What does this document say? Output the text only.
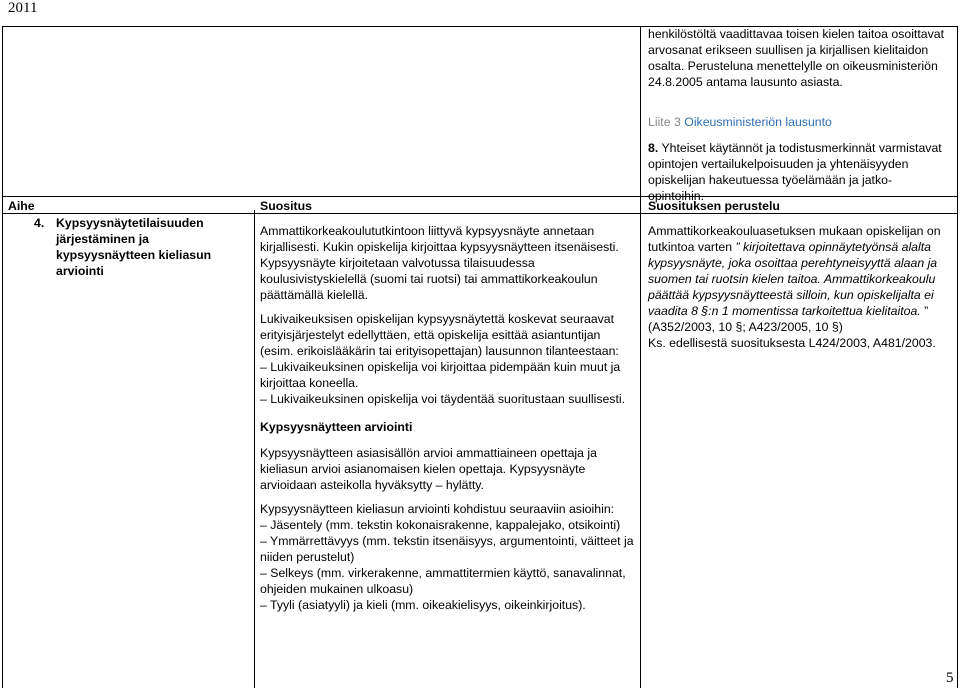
2011
henkilöstöltä vaadittavaa toisen kielen taitoa osoittavat arvosanat erikseen suullisen ja kirjallisen kielitaidon osalta. Perusteluna menettelylle on oikeusministeriön 24.8.2005 antama lausunto asiasta.
Liite 3 Oikeusministeriön lausunto
8. Yhteiset käytännöt ja todistusmerkinnät varmistavat opintojen vertailukelpoisuuden ja yhtenäisyyden opiskelijan hakeutuessa työelämään ja jatko-opintoihin.
Aihe	Suositus	Suosituksen perustelu
4. Kypsyysnäytetilaisuuden järjestäminen ja kypsyysnäytteen kieliasun arviointi

Ammattikorkeakoulututkintoon liittyvä kypsyysnäyte annetaan kirjallisesti. Kukin opiskelija kirjoittaa kypsyysnäytteen itsenäisesti. Kypsyysnäyte kirjoitetaan valvotussa tilaisuudessa koulusivistyskielellä (suomi tai ruotsi) tai ammattikorkeakoulun päättämällä kielellä.

Lukivaikeuksisen opiskelijan kypsyysnäytettä koskevat seuraavat erityisjärjestelyt edellyttäen, että opiskelija esittää asiantuntijan (esim. erikoislääkärin tai erityisopettajan) lausunnon tilanteestaan:

– Lukivaikeuksinen opiskelija voi kirjoittaa pidempään kuin muut ja kirjoittaa koneella.

– Lukivaikeuksinen opiskelija voi täydentää suoritustaan suullisesti.

Kypsyysnäytteen arviointi

Kypsyysnäytteen asiasisällön arvioi ammattiaineen opettaja ja kieliasun arvioi asianomaisen kielen opettaja. Kypsyysnäyte arvioidaan asteikolla hyväksytty – hylätty.

Kypsyysnäytteen kieliasun arviointi kohdistuu seuraaviin asioihin:

– Jäsentely (mm. tekstin kokonaisrakenne, kappalejako, otsikointi)

– Ymmärrettävyys (mm. tekstin itsenäisyys, argumentointi, väitteet ja niiden perustelut)

– Selkeys (mm. virkerakenne, ammattitermien käyttö, sanavalinnat, ohjeiden mukainen ulkoasu)

– Tyyli (asiatyyli) ja kieli (mm. oikeakielisyys, oikeinkirjoitus).

Ammattikorkeakouluasetuksen mukaan opiskelijan on tutkintoa varten ” kirjoitettava opinnäytetyönsä alalta kypsyysnäyte, joka osoittaa perehtyneisyyttä alaan ja suomen tai ruotsin kielen taitoa. Ammattikorkeakoulu päättää kypsyysnäytteestä silloin, kun opiskelijalta ei vaadita 8 §:n 1 momentissa tarkoitettua kielitaitoa. ” (A352/2003, 10 §; A423/2005, 10 §)

Ks. edellisestä suosituksesta L424/2003, A481/2003.

5
